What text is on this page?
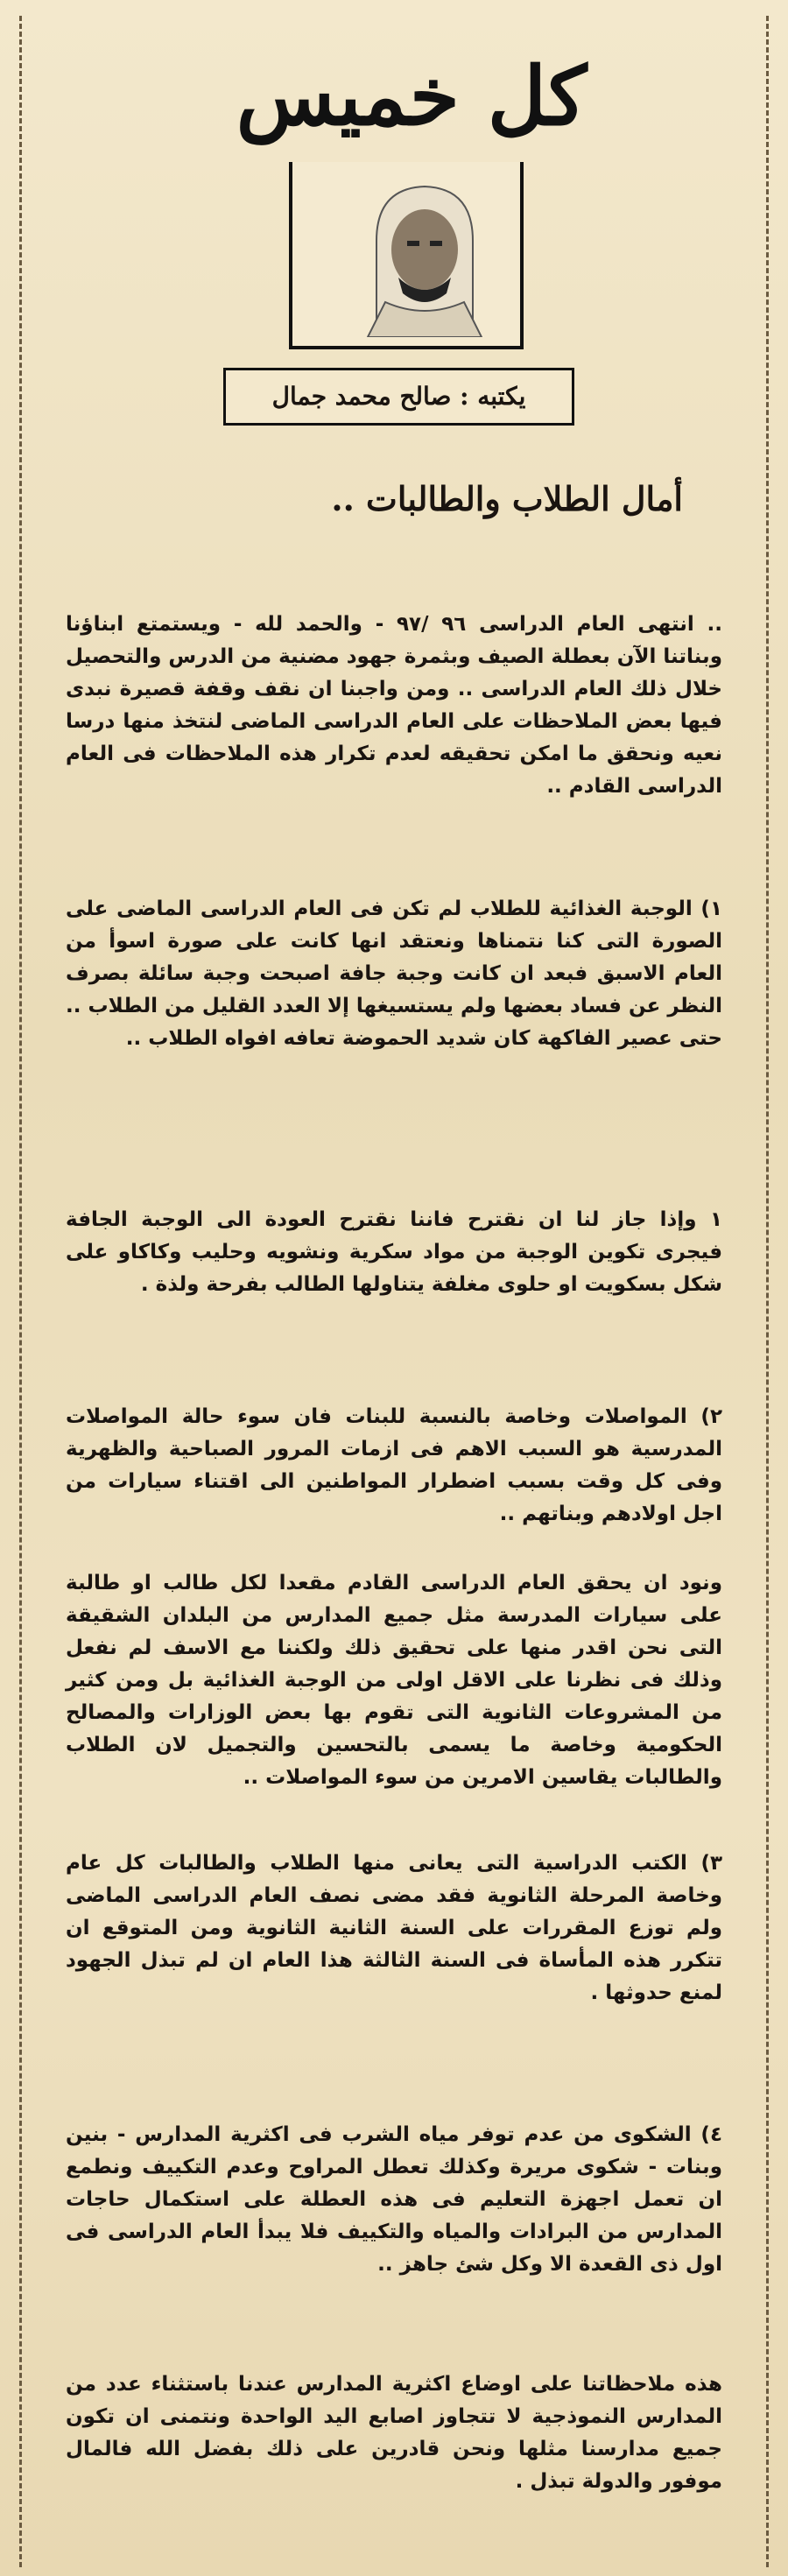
كل خميس
يكتبه : صالح محمد جمال
أمال الطلاب والطالبات ..
.. انتهى العام الدراسى ٩٦ /٩٧ - والحمد لله - ويستمتع ابناؤنا وبناتنا الآن بعطلة الصيف وبثمرة جهود مضنية من الدرس والتحصيل خلال ذلك العام الدراسى .. ومن واجبنا ان نقف وقفة قصيرة نبدى فيها بعض الملاحظات على العام الدراسى الماضى لنتخذ منها درسا نعيه ونحقق ما امكن تحقيقه لعدم تكرار هذه الملاحظات فى العام الدراسى القادم ..
١) الوجبة الغذائية للطلاب لم تكن فى العام الدراسى الماضى على الصورة التى كنا نتمناها ونعتقد انها كانت على صورة اسوأ من العام الاسبق فبعد ان كانت وجبة جافة اصبحت وجبة سائلة بصرف النظر عن فساد بعضها ولم يستسيغها إلا العدد القليل من الطلاب .. حتى عصير الفاكهة كان شديد الحموضة تعافه افواه الطلاب ..
١ وإذا جاز لنا ان نقترح فاننا نقترح العودة الى الوجبة الجافة فيجرى تكوين الوجبة من مواد سكرية ونشويه وحليب وكاكاو على شكل بسكويت او حلوى مغلفة يتناولها الطالب بفرحة ولذة .
٢) المواصلات وخاصة بالنسبة للبنات فان سوء حالة المواصلات المدرسية هو السبب الاهم فى ازمات المرور الصباحية والظهرية وفى كل وقت بسبب اضطرار المواطنين الى اقتناء سيارات من اجل اولادهم وبناتهم ..
ونود ان يحقق العام الدراسى القادم مقعدا لكل طالب او طالبة على سيارات المدرسة مثل جميع المدارس من البلدان الشقيقة التى نحن اقدر منها على تحقيق ذلك ولكننا مع الاسف لم نفعل وذلك فى نظرنا على الاقل اولى من الوجبة الغذائية بل ومن كثير من المشروعات الثانوية التى تقوم بها بعض الوزارات والمصالح الحكومية وخاصة ما يسمى بالتحسين والتجميل لان الطلاب والطالبات يقاسين الامرين من سوء المواصلات ..
٣) الكتب الدراسية التى يعانى منها الطلاب والطالبات كل عام وخاصة المرحلة الثانوية فقد مضى نصف العام الدراسى الماضى ولم توزع المقررات على السنة الثانية الثانوية ومن المتوقع ان تتكرر هذه المأساة فى السنة الثالثة هذا العام ان لم تبذل الجهود لمنع حدوثها .
٤) الشكوى من عدم توفر مياه الشرب فى اكثرية المدارس - بنين وبنات - شكوى مريرة وكذلك تعطل المراوح وعدم التكييف ونطمع ان تعمل اجهزة التعليم فى هذه العطلة على استكمال حاجات المدارس من البرادات والمياه والتكييف فلا يبدأ العام الدراسى فى اول ذى القعدة الا وكل شئ جاهز ..
هذه ملاحظاتنا على اوضاع اكثرية المدارس عندنا باستثناء عدد من المدارس النموذجية لا تتجاوز اصابع اليد الواحدة ونتمنى ان تكون جميع مدارسنا مثلها ونحن قادرين على ذلك بفضل الله فالمال موفور والدولة تبذل .
